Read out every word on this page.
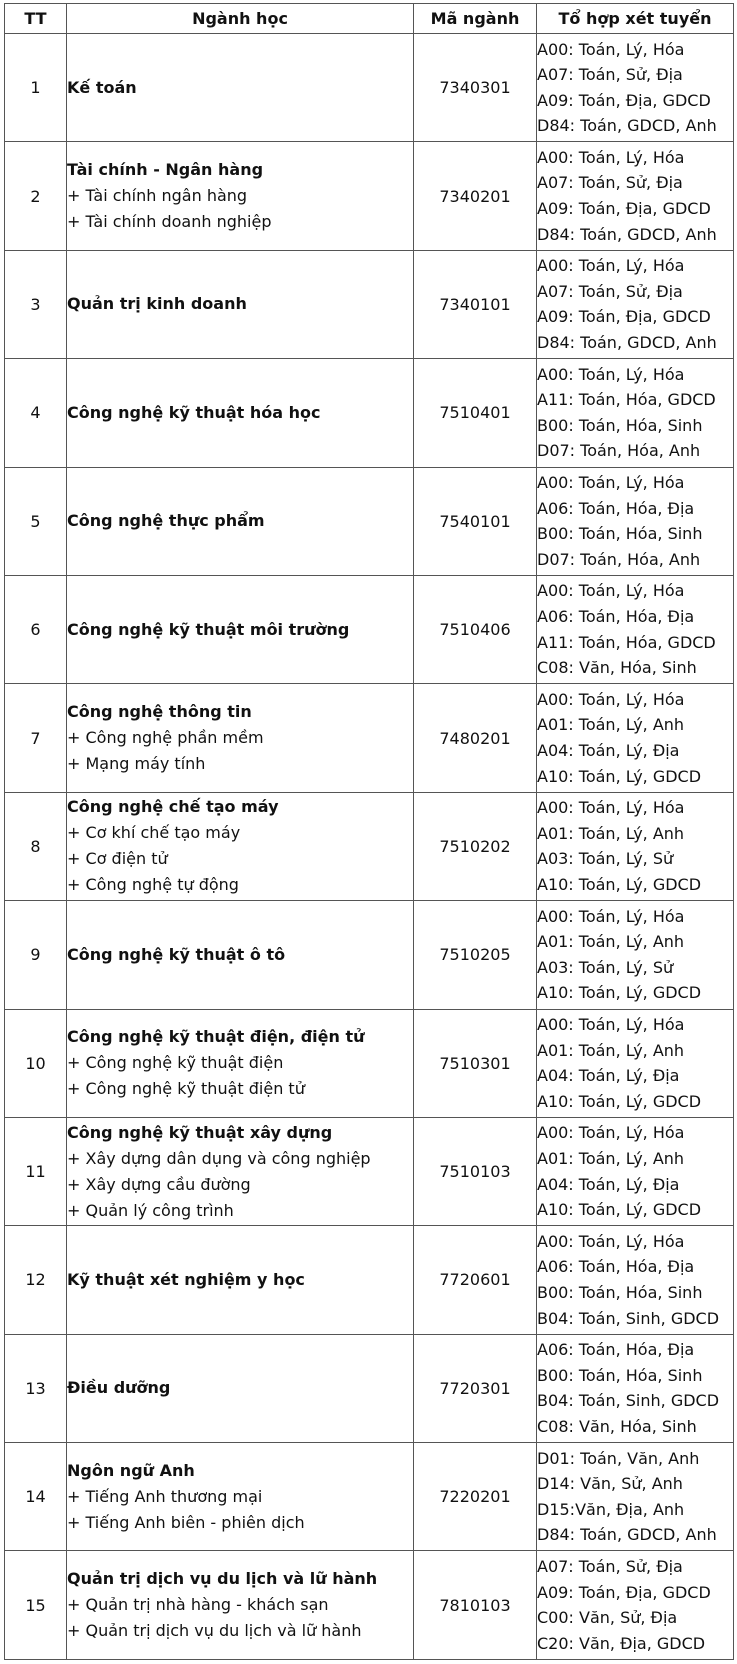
TT	Ngành học	Mã ngành	Tổ hợp xét tuyển
1	Kế toán	7340301	A00: Toán, Lý, Hóa
A07: Toán, Sử, Địa
A09: Toán, Địa, GDCD
D84: Toán, GDCD, Anh

2	Tài chính - Ngân hàng
+ Tài chính ngân hàng
+ Tài chính doanh nghiệp	7340201	A00: Toán, Lý, Hóa
A07: Toán, Sử, Địa
A09: Toán, Địa, GDCD
D84: Toán, GDCD, Anh

3	Quản trị kinh doanh	7340101	A00: Toán, Lý, Hóa
A07: Toán, Sử, Địa
A09: Toán, Địa, GDCD
D84: Toán, GDCD, Anh

4	Công nghệ kỹ thuật hóa học	7510401	A00: Toán, Lý, Hóa
A11: Toán, Hóa, GDCD
B00: Toán, Hóa, Sinh
D07: Toán, Hóa, Anh

5	Công nghệ thực phẩm	7540101	A00: Toán, Lý, Hóa
A06: Toán, Hóa, Địa
B00: Toán, Hóa, Sinh
D07: Toán, Hóa, Anh

6	Công nghệ kỹ thuật môi trường	7510406	A00: Toán, Lý, Hóa
A06: Toán, Hóa, Địa
A11: Toán, Hóa, GDCD
C08: Văn, Hóa, Sinh

7	Công nghệ thông tin
+ Công nghệ phần mềm
+ Mạng máy tính	7480201	A00: Toán, Lý, Hóa
A01: Toán, Lý, Anh
A04: Toán, Lý, Địa
A10: Toán, Lý, GDCD

8	Công nghệ chế tạo máy
+ Cơ khí chế tạo máy
+ Cơ điện tử
+ Công nghệ tự động	7510202	A00: Toán, Lý, Hóa
A01: Toán, Lý, Anh
A03: Toán, Lý, Sử
A10: Toán, Lý, GDCD

9	Công nghệ kỹ thuật ô tô	7510205	A00: Toán, Lý, Hóa
A01: Toán, Lý, Anh
A03: Toán, Lý, Sử
A10: Toán, Lý, GDCD

10	Công nghệ kỹ thuật điện, điện tử
+ Công nghệ kỹ thuật điện
+ Công nghệ kỹ thuật điện tử	7510301	A00: Toán, Lý, Hóa
A01: Toán, Lý, Anh
A04: Toán, Lý, Địa
A10: Toán, Lý, GDCD

11	Công nghệ kỹ thuật xây dựng
+ Xây dựng dân dụng và công nghiệp
+ Xây dựng cầu đường
+ Quản lý công trình	7510103	A00: Toán, Lý, Hóa
A01: Toán, Lý, Anh
A04: Toán, Lý, Địa
A10: Toán, Lý, GDCD

12	Kỹ thuật xét nghiệm y học	7720601	A00: Toán, Lý, Hóa
A06: Toán, Hóa, Địa
B00: Toán, Hóa, Sinh
B04: Toán, Sinh, GDCD

13	Điều dưỡng	7720301	A06: Toán, Hóa, Địa
B00: Toán, Hóa, Sinh
B04: Toán, Sinh, GDCD
C08: Văn, Hóa, Sinh

14	Ngôn ngữ Anh
+ Tiếng Anh thương mại
+ Tiếng Anh biên - phiên dịch	7220201	D01: Toán, Văn, Anh
D14: Văn, Sử, Anh
D15:Văn, Địa, Anh
D84: Toán, GDCD, Anh

15	Quản trị dịch vụ du lịch và lữ hành
+ Quản trị nhà hàng - khách sạn
+ Quản trị dịch vụ du lịch và lữ hành	7810103	A07: Toán, Sử, Địa
A09: Toán, Địa, GDCD
C00: Văn, Sử, Địa
C20: Văn, Địa, GDCD
